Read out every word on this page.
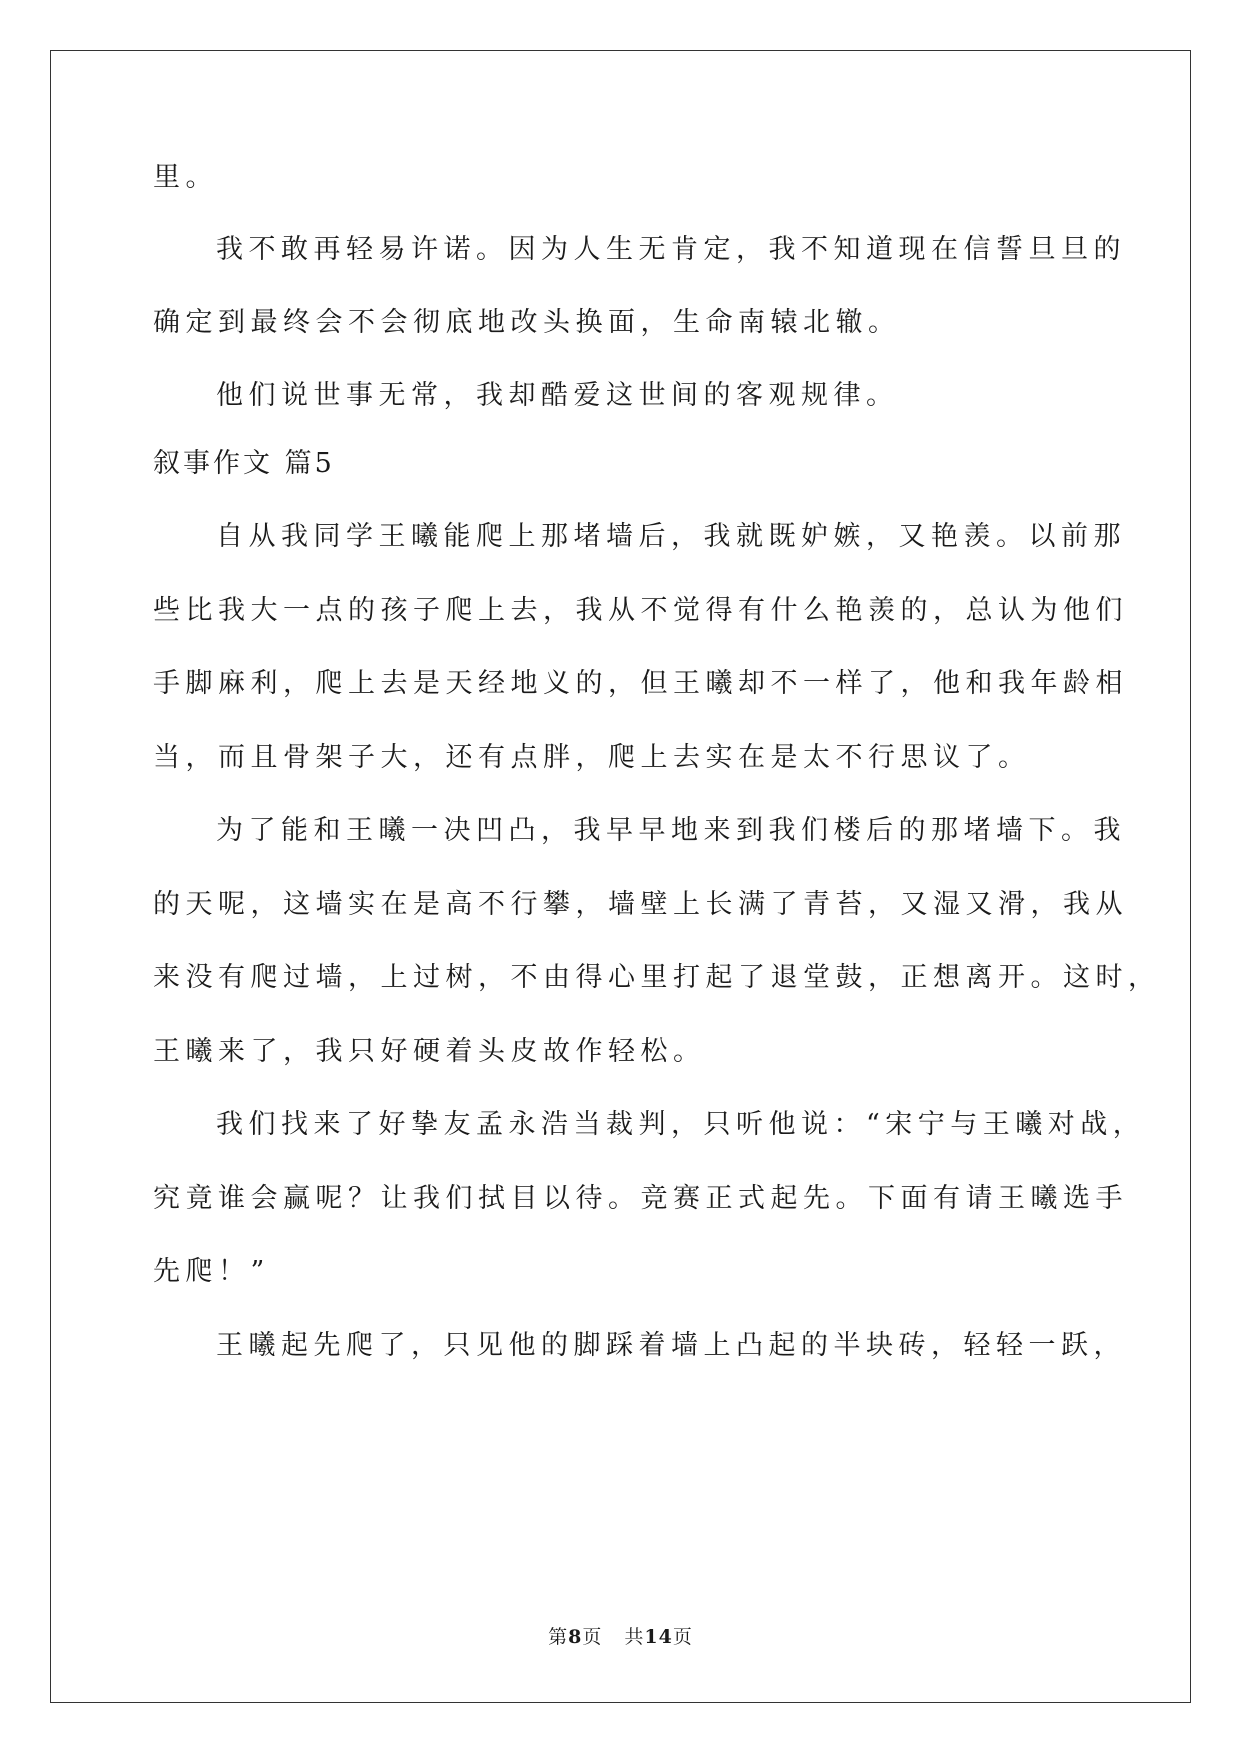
里。
我不敢再轻易许诺。因为人生无肯定，我不知道现在信誓旦旦的
确定到最终会不会彻底地改头换面，生命南辕北辙。
他们说世事无常，我却酷爱这世间的客观规律。
叙事作文 篇5
自从我同学王曦能爬上那堵墙后，我就既妒嫉，又艳羡。以前那
些比我大一点的孩子爬上去，我从不觉得有什么艳羡的，总认为他们
手脚麻利，爬上去是天经地义的，但王曦却不一样了，他和我年龄相
当，而且骨架子大，还有点胖，爬上去实在是太不行思议了。
为了能和王曦一决凹凸，我早早地来到我们楼后的那堵墙下。我
的天呢，这墙实在是高不行攀，墙壁上长满了青苔，又湿又滑，我从
来没有爬过墙，上过树，不由得心里打起了退堂鼓，正想离开。这时，
王曦来了，我只好硬着头皮故作轻松。
我们找来了好挚友孟永浩当裁判，只听他说：“宋宁与王曦对战，
究竟谁会赢呢？让我们拭目以待。竞赛正式起先。下面有请王曦选手
先爬！”
王曦起先爬了，只见他的脚踩着墙上凸起的半块砖，轻轻一跃，
第8页 共14页
